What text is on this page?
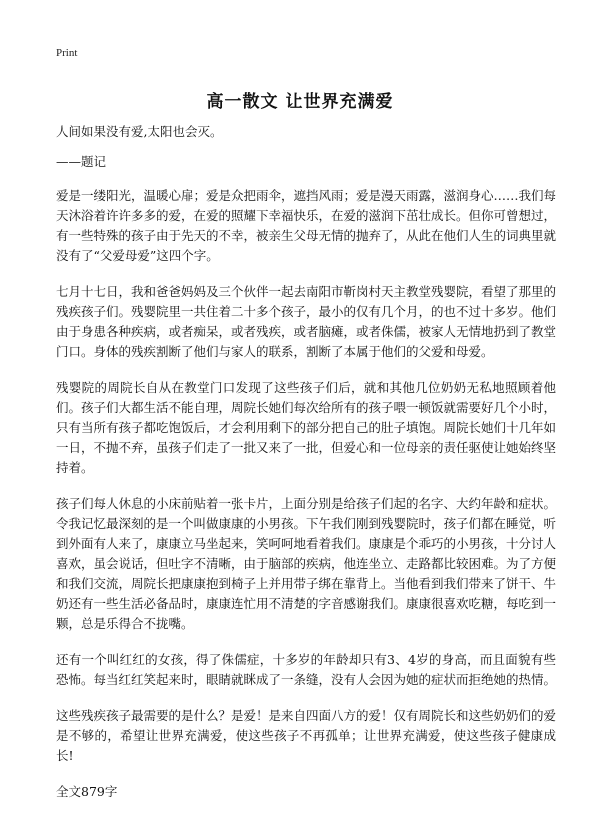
Print
高一散文 让世界充满爱

人间如果没有爱,太阳也会灭。

——题记

爱是一缕阳光，温暖心扉；爱是众把雨伞，遮挡风雨；爱是漫天雨露，滋润身心……我们每天沐浴着许许多多的爱，在爱的照耀下幸福快乐，在爱的滋润下茁壮成长。但你可曾想过，有一些特殊的孩子由于先天的不幸，被亲生父母无情的抛弃了，从此在他们人生的词典里就没有了“父爱母爱”这四个字。

七月十七日，我和爸爸妈妈及三个伙伴一起去南阳市靳岗村天主教堂残婴院，看望了那里的残疾孩子们。残婴院里一共住着二十多个孩子，最小的仅有几个月，的也不过十多岁。他们由于身患各种疾病，或者痴呆，或者残疾，或者脑瘫，或者侏儒，被家人无情地扔到了教堂门口。身体的残疾割断了他们与家人的联系，割断了本属于他们的父爱和母爱。

残婴院的周院长自从在教堂门口发现了这些孩子们后，就和其他几位奶奶无私地照顾着他们。孩子们大都生活不能自理，周院长她们每次给所有的孩子喂一顿饭就需要好几个小时，只有当所有孩子都吃饱饭后，才会利用剩下的部分把自己的肚子填饱。周院长她们十几年如一日，不抛不弃，虽孩子们走了一批又来了一批，但爱心和一位母亲的责任驱使让她始终坚持着。

孩子们每人休息的小床前贴着一张卡片，上面分别是给孩子们起的名字、大约年龄和症状。令我记忆最深刻的是一个叫做康康的小男孩。下午我们刚到残婴院时，孩子们都在睡觉，听到外面有人来了，康康立马坐起来，笑呵呵地看着我们。康康是个乖巧的小男孩，十分讨人喜欢，虽会说话，但吐字不清晰，由于脑部的疾病，他连坐立、走路都比较困难。为了方便和我们交流，周院长把康康抱到椅子上并用带子绑在靠背上。当他看到我们带来了饼干、牛奶还有一些生活必备品时，康康连忙用不清楚的字音感谢我们。康康很喜欢吃糖，每吃到一颗，总是乐得合不拢嘴。

还有一个叫红红的女孩，得了侏儒症，十多岁的年龄却只有3、4岁的身高，而且面貌有些恐怖。每当红红笑起来时，眼睛就眯成了一条缝，没有人会因为她的症状而拒绝她的热情。

这些残疾孩子最需要的是什么？是爱！是来自四面八方的爱！仅有周院长和这些奶奶们的爱是不够的，希望让世界充满爱，使这些孩子不再孤单；让世界充满爱，使这些孩子健康成长!

全文879字
